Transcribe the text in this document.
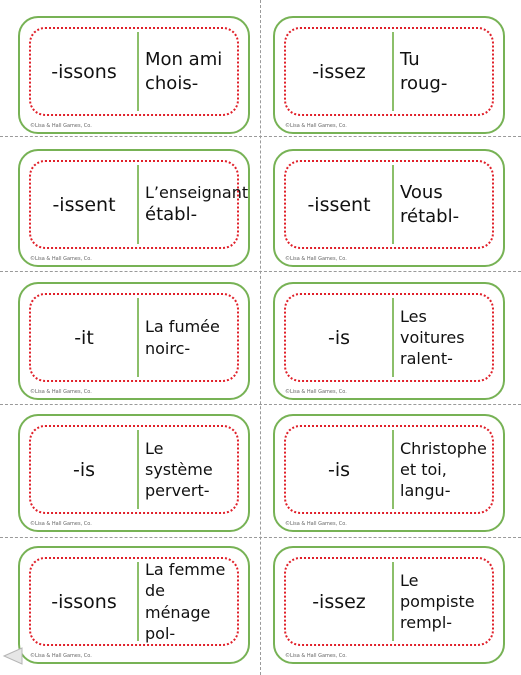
-issons
Mon ami
chois-
©Lisa & Hall Games, Co.
-issez
Tu
roug-
©Lisa & Hall Games, Co.
-issent
L’enseignant
établ-
©Lisa & Hall Games, Co.
-issent
Vous
rétabl-
©Lisa & Hall Games, Co.
-it	La fumée
noirc-
©Lisa & Hall Games, Co.
-is
Les
voitures
ralent-
©Lisa & Hall Games, Co.
-is
Le système
pervert-
©Lisa & Hall Games, Co.
-is
Christophe
et toi,
langu-
©Lisa & Hall Games, Co.
-issons
La femme
de ménage
pol-
©Lisa & Hall Games, Co.
-issez
Le
pompiste
rempl-
©Lisa & Hall Games, Co.
